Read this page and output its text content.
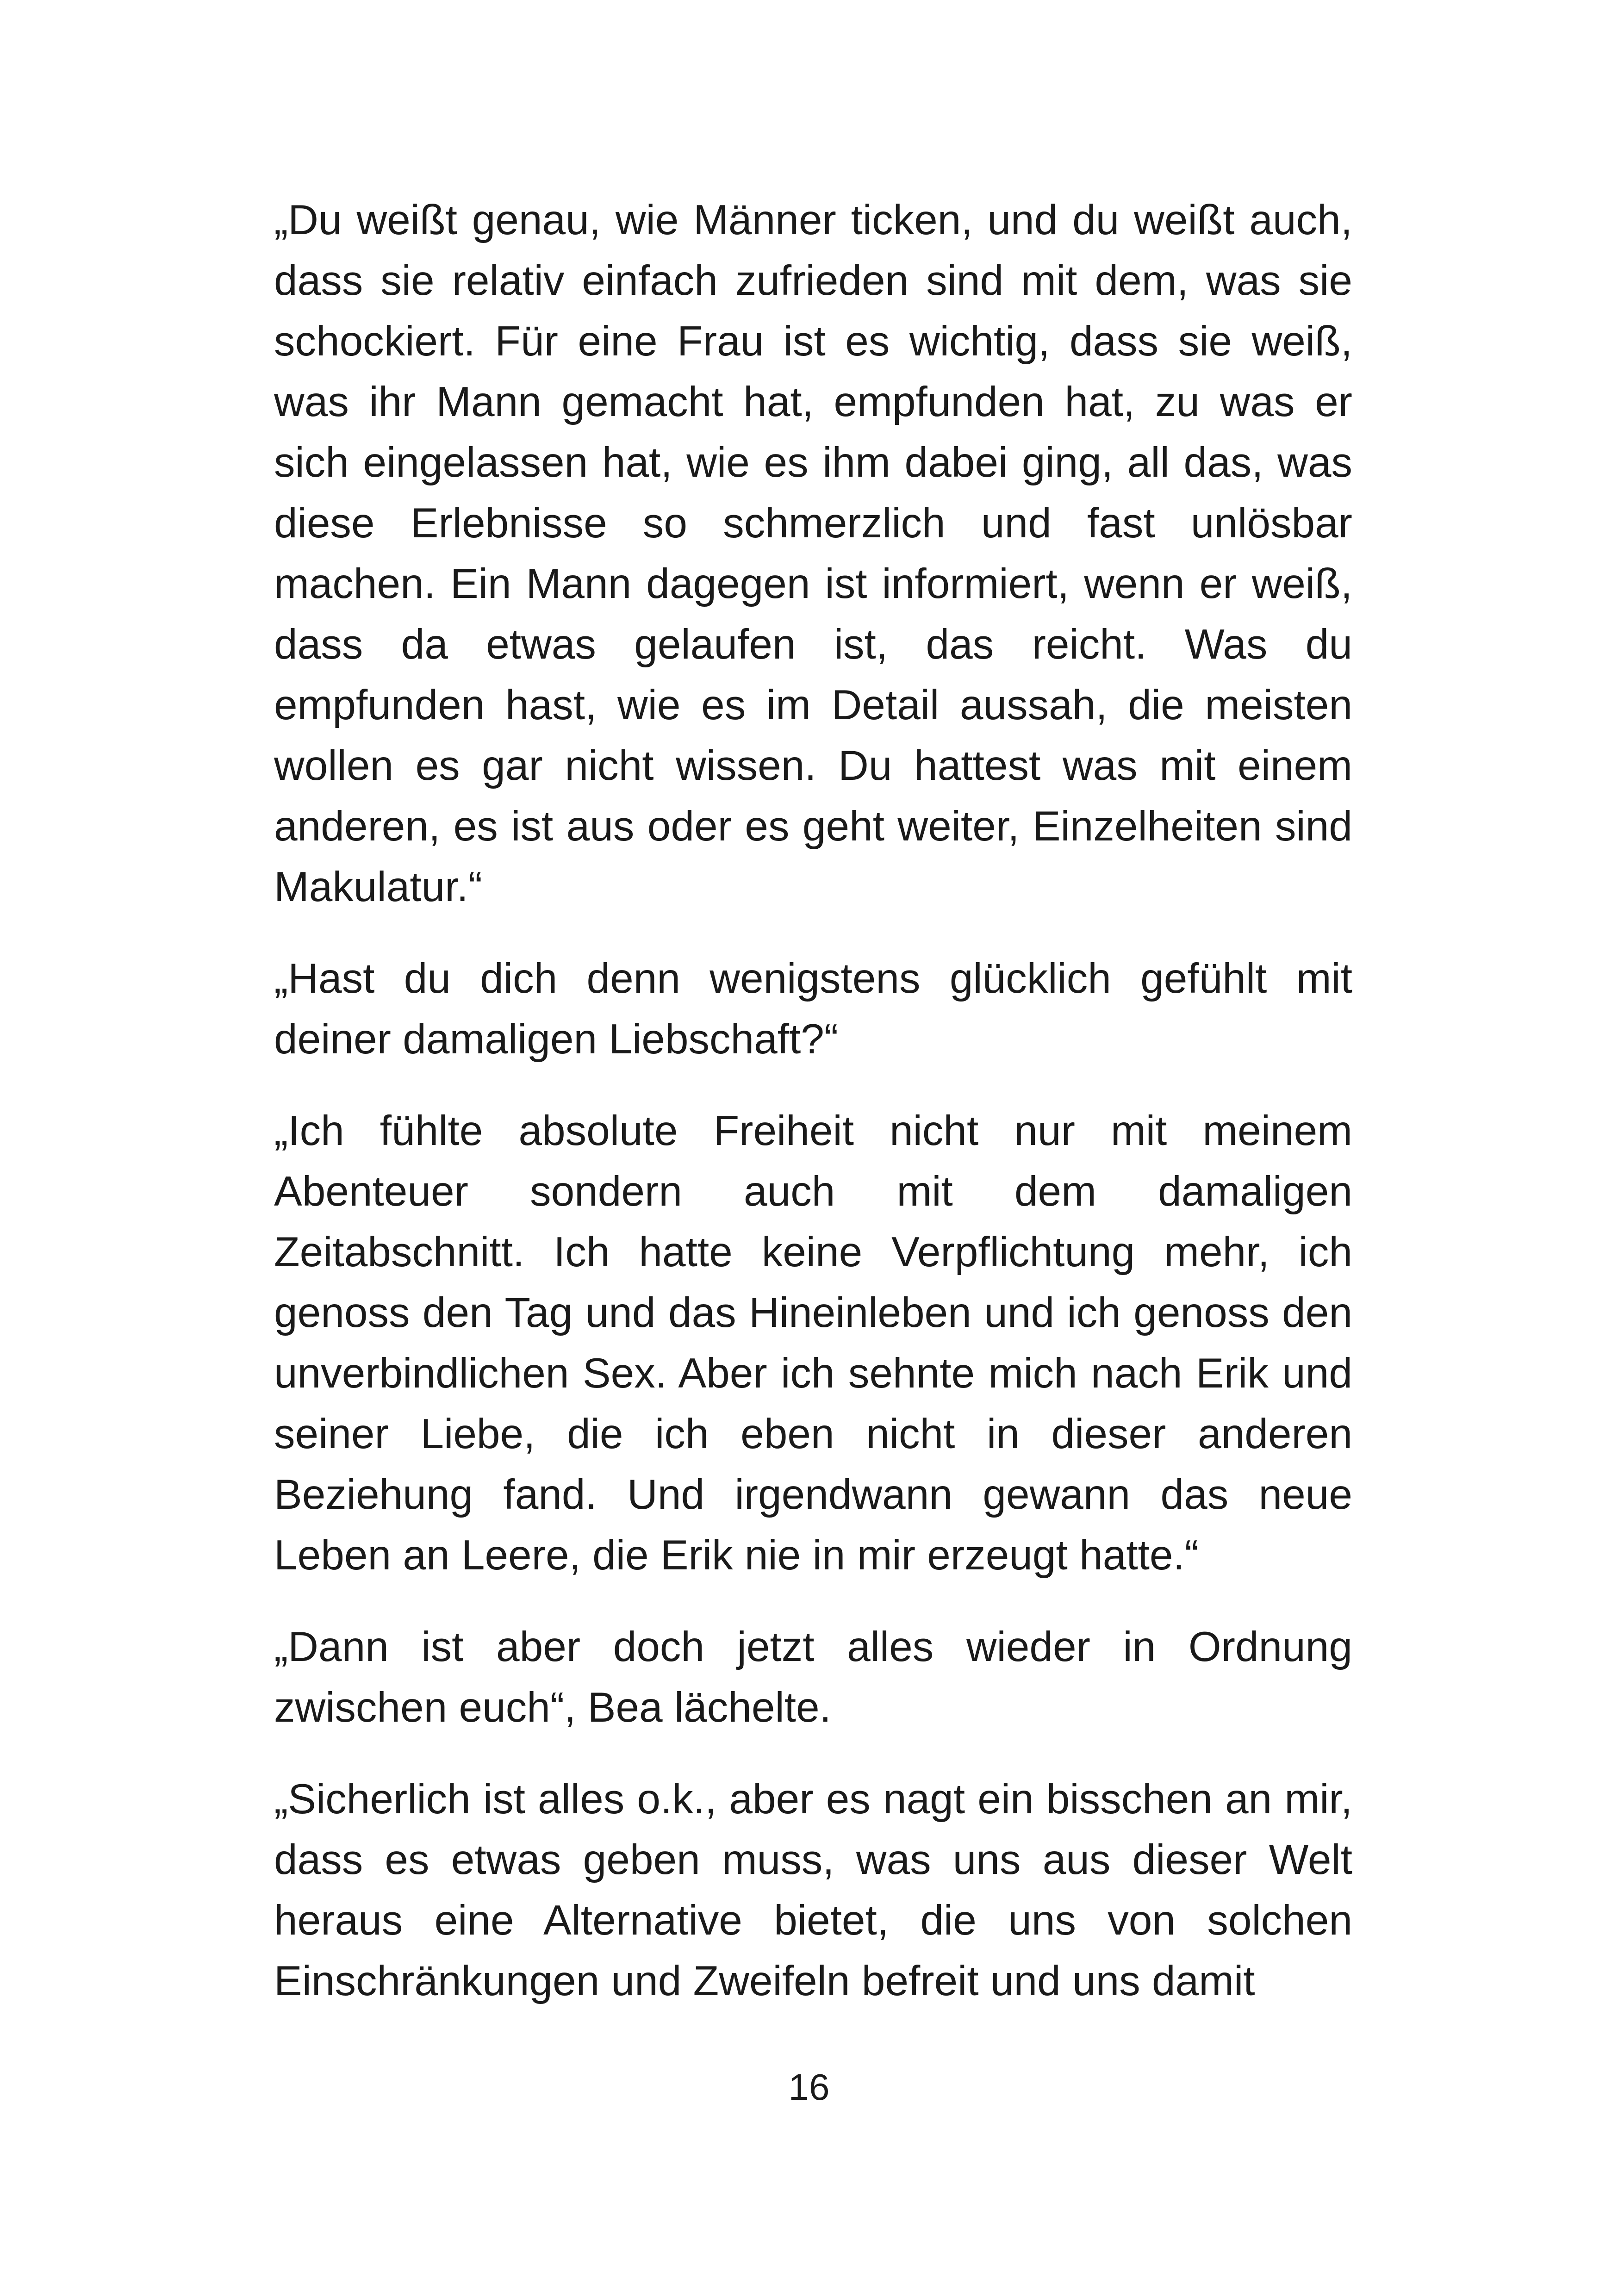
„Du weißt genau, wie Männer ticken, und du weißt auch, dass sie relativ einfach zufrieden sind mit dem, was sie schockiert. Für eine Frau ist es wichtig, dass sie weiß, was ihr Mann gemacht hat, empfunden hat, zu was er sich eingelassen hat, wie es ihm dabei ging, all das, was diese Erlebnisse so schmerzlich und fast unlösbar machen. Ein Mann dagegen ist informiert, wenn er weiß, dass da etwas gelaufen ist, das reicht. Was du empfunden hast, wie es im Detail aussah, die meisten wollen es gar nicht wissen. Du hattest was mit einem anderen, es ist aus oder es geht weiter, Einzelheiten sind Makulatur.“

„Hast du dich denn wenigstens glücklich gefühlt mit deiner damaligen Liebschaft?“

„Ich fühlte absolute Freiheit nicht nur mit meinem Abenteuer sondern auch mit dem damaligen Zeitabschnitt. Ich hatte keine Verpflichtung mehr, ich genoss den Tag und das Hineinleben und ich genoss den unverbindlichen Sex. Aber ich sehnte mich nach Erik und seiner Liebe, die ich eben nicht in dieser anderen Beziehung fand. Und irgendwann gewann das neue Leben an Leere, die Erik nie in mir erzeugt hatte.“

„Dann ist aber doch jetzt alles wieder in Ordnung zwischen euch“, Bea lächelte.

„Sicherlich ist alles o.k., aber es nagt ein bisschen an mir, dass es etwas geben muss, was uns aus dieser Welt heraus eine Alternative bietet, die uns von solchen Einschränkungen und Zweifeln befreit und uns damit

16
